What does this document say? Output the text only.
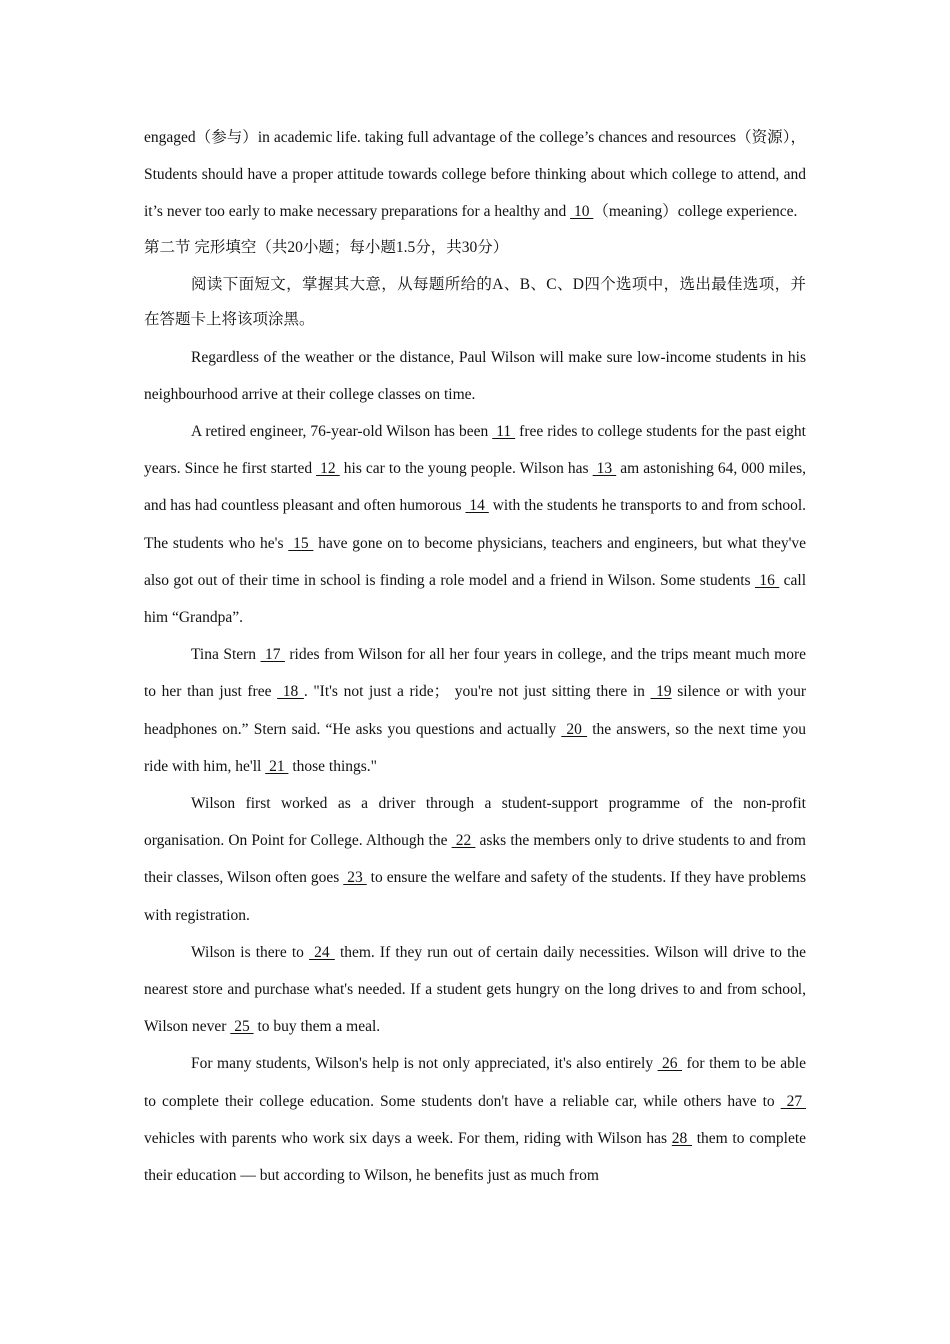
engaged（参与）in academic life. taking full advantage of the college’s chances and resources（资源）， Students should have a proper attitude towards college before thinking about which college to attend, and it’s never too early to make necessary preparations for a healthy and  10 （meaning）college experience.

第二节 完形填空（共20小题；每小题1.5分，共30分）

阅读下面短文，掌握其大意，从每题所给的A、B、C、D四个选项中，选出最佳选项，并在答题卡上将该项涂黑。

Regardless of the weather or the distance, Paul Wilson will make sure low-income students in his neighbourhood arrive at their college classes on time.

A retired engineer, 76-year-old Wilson has been  11  free rides to college students for the past eight years. Since he first started  12  his car to the young people. Wilson has  13  am astonishing 64, 000 miles, and has had countless pleasant and often humorous  14  with the students he transports to and from school. The students who he's  15  have gone on to become physicians, teachers and engineers, but what they've also got out of their time in school is finding a role model and a friend in Wilson. Some students  16  call him “Grandpa”.

Tina Stern  17  rides from Wilson for all her four years in college, and the trips meant much more to her than just free  18 . "It's not just a ride； you're not just sitting there in  19 silence or with your headphones on.” Stern said. “He asks you questions and actually  20  the answers, so the next time you ride with him, he'll  21  those things."

Wilson first worked as a driver through a student-support programme of the non-profit organisation. On Point for College. Although the  22  asks the members only to drive students to and from their classes, Wilson often goes  23  to ensure the welfare and safety of the students. If they have problems with registration.

Wilson is there to  24  them. If they run out of certain daily necessities. Wilson will drive to the nearest store and purchase what's needed. If a student gets hungry on the long drives to and from school, Wilson never  25  to buy them a meal.

For many students, Wilson's help is not only appreciated, it's also entirely  26  for them to be able to complete their college education. Some students don't have a reliable car, while others have to  27  vehicles with parents who work six days a week. For them, riding with Wilson has 28  them to complete their education — but according to Wilson, he benefits just as much from
